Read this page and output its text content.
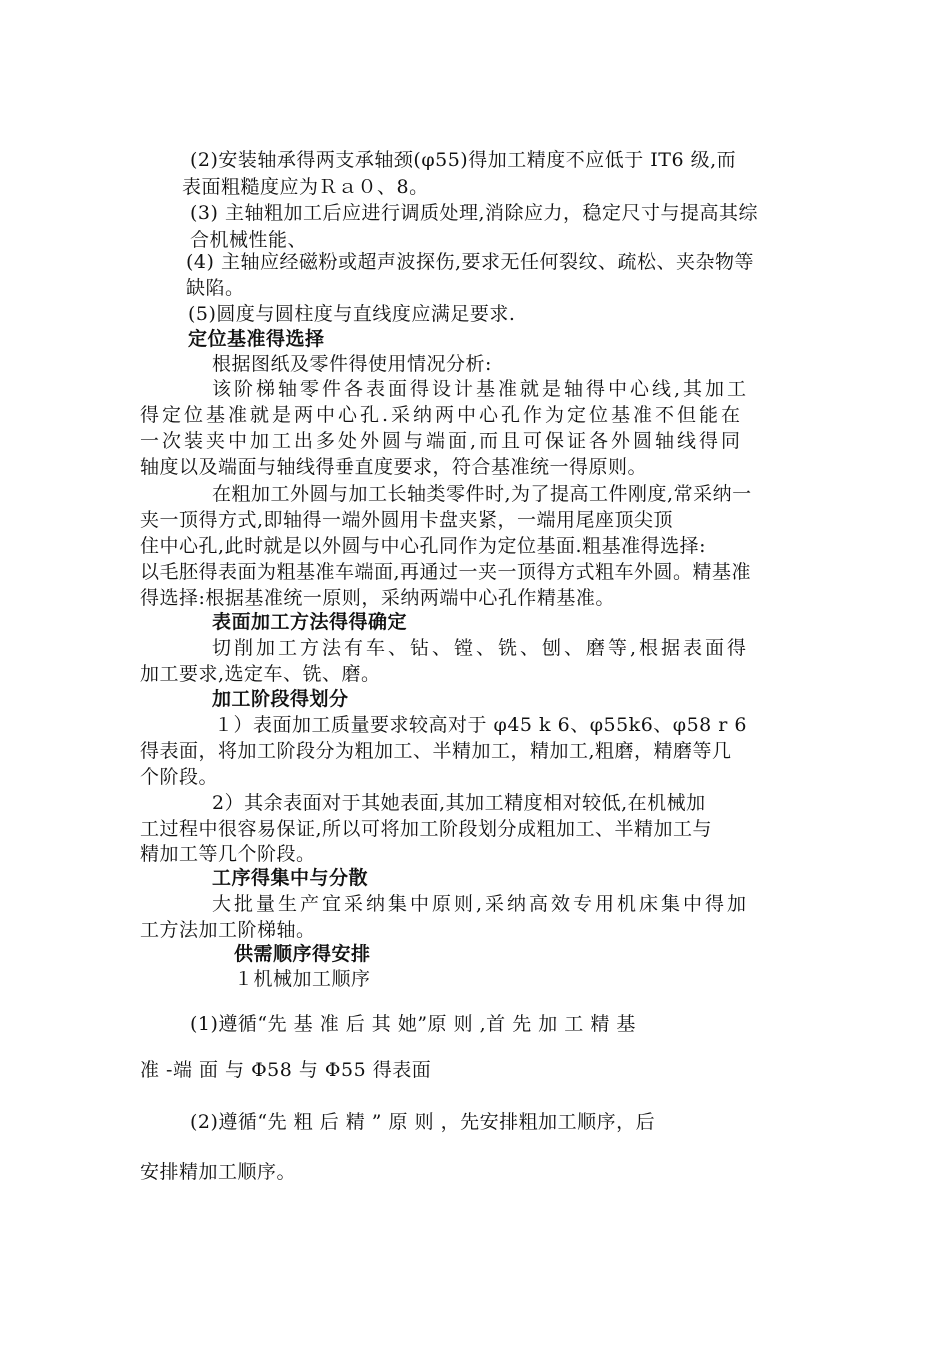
(2)安装轴承得两支承轴颈(φ55)得加工精度不应低于 IT6 级,而
表面粗糙度应为Ｒａ０、8。
(3) 主轴粗加工后应进行调质处理,消除应力，稳定尺寸与提高其综
合机械性能、
(4) 主轴应经磁粉或超声波探伤,要求无任何裂纹、疏松、夹杂物等
缺陷。
(5)圆度与圆柱度与直线度应满足要求.
定位基准得选择
根据图纸及零件得使用情况分析:
该阶梯轴零件各表面得设计基准就是轴得中心线,其加工
得定位基准就是两中心孔.采纳两中心孔作为定位基准不但能在
一次装夹中加工出多处外圆与端面,而且可保证各外圆轴线得同
轴度以及端面与轴线得垂直度要求，符合基准统一得原则。
在粗加工外圆与加工长轴类零件时,为了提高工件刚度,常采纳一
夹一顶得方式,即轴得一端外圆用卡盘夹紧，一端用尾座顶尖顶
住中心孔,此时就是以外圆与中心孔同作为定位基面.粗基准得选择:
以毛胚得表面为粗基准车端面,再通过一夹一顶得方式粗车外圆。精基准
得选择:根据基准统一原则，采纳两端中心孔作精基准。
表面加工方法得得确定
切削加工方法有车、钻、镗、铣、刨、磨等,根据表面得
加工要求,选定车、铣、磨。
加工阶段得划分
１）表面加工质量要求较高对于 φ45 k 6、φ55k6、φ58 r 6
得表面，将加工阶段分为粗加工、半精加工，精加工,粗磨，精磨等几
个阶段。
2）其余表面对于其她表面,其加工精度相对较低,在机械加
工过程中很容易保证,所以可将加工阶段划分成粗加工、半精加工与
精加工等几个阶段。
工序得集中与分散
大批量生产宜采纳集中原则,采纳高效专用机床集中得加
工方法加工阶梯轴。
供需顺序得安排
１机械加工顺序
(1)遵循“先 基 准 后 其 她”原 则 ,首 先 加 工 精 基
准 -端 面 与 Φ58 与 Φ55 得表面
(2)遵循“先 粗 后 精 ” 原 则 ，先安排粗加工顺序，后
安排精加工顺序。
